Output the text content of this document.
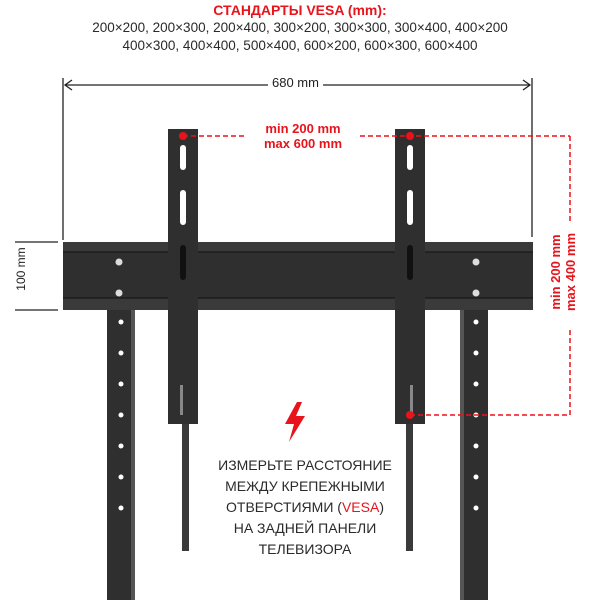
СТАНДАРТЫ VESA (mm):
200×200, 200×300, 200×400, 300×200, 300×300, 300×400, 400×200
400×300, 400×400, 500×400, 600×200, 600×300, 600×400
680 mm
min 200 mm
max 600 mm
100 mm	min 200 mm max 400 mm
ИЗМЕРЬТЕ РАССТОЯНИЕ
МЕЖДУ КРЕПЕЖНЫМИ
ОТВЕРСТИЯМИ (VESA)
НА ЗАДНЕЙ ПАНЕЛИ
ТЕЛЕВИЗОРА
